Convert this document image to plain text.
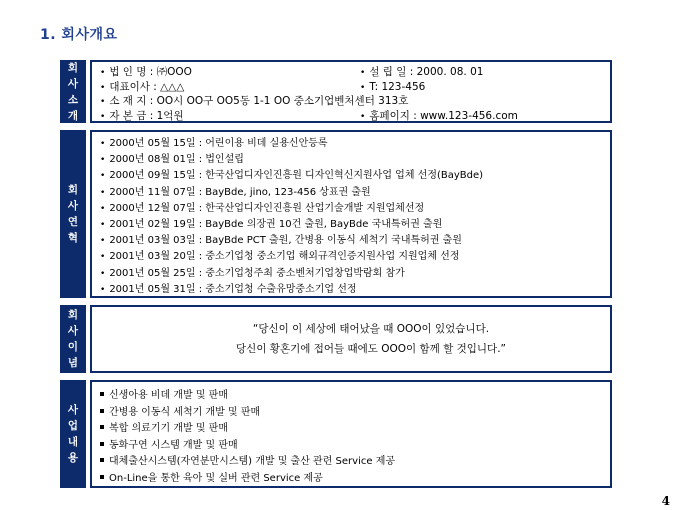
1. 회사개요
회
사
소
개
• 법 인 명 : ㈜OOO	• 설 립 일 : 2000. 08. 01
• 대표이사 : △△△	• T: 123-456
• 소 재 지 : OO시 OO구 OO5동 1-1 OO 중소기업벤처센터 313호
• 자 본 금 : 1억원	• 홈페이지 : www.123-456.com
회
사
연
혁
• 2000년 05월 15일 : 어린이용 비데 실용신안등록
• 2000년 08월 01일 : 법인설립
• 2000년 09월 15일 : 한국산업디자인진흥원 디자인혁신지원사업 업체 선정(BayBde)
• 2000년 11월 07일 : BayBde, jino, 123-456 상표권 출원
• 2000년 12월 07일 : 한국산업디자인진흥원 산업기술개발 지원업체선정
• 2001년 02월 19일 : BayBde 의장권 10건 출원, BayBde 국내특허권 출원
• 2001년 03월 03일 : BayBde PCT 출원, 간병용 이동식 세척기 국내특허권 출원
• 2001년 03월 20일 : 중소기업청 중소기업 해외규격인증지원사업 지원업체 선정
• 2001년 05월 25일 : 중소기업청주최 중소벤처기업창업박람회 참가
• 2001년 05월 31일 : 중소기업청 수출유망중소기업 선정
회
사
이
념
“당신이 이 세상에 태어났을 때 OOO이 있었습니다.
당신이 황혼기에 접어들 때에도 OOO이 함께 할 것입니다.”
사
업
내
용
신생아용 비데 개발 및 판매
간병용 이동식 세척기 개발 및 판매
복합 의료기기 개발 및 판매
동화구연 시스템 개발 및 판매
대체출산시스템(자연분만시스템) 개발 및 출산 관련 Service 제공
On-Line을 통한 육아 및 실버 관련 Service 제공
4
